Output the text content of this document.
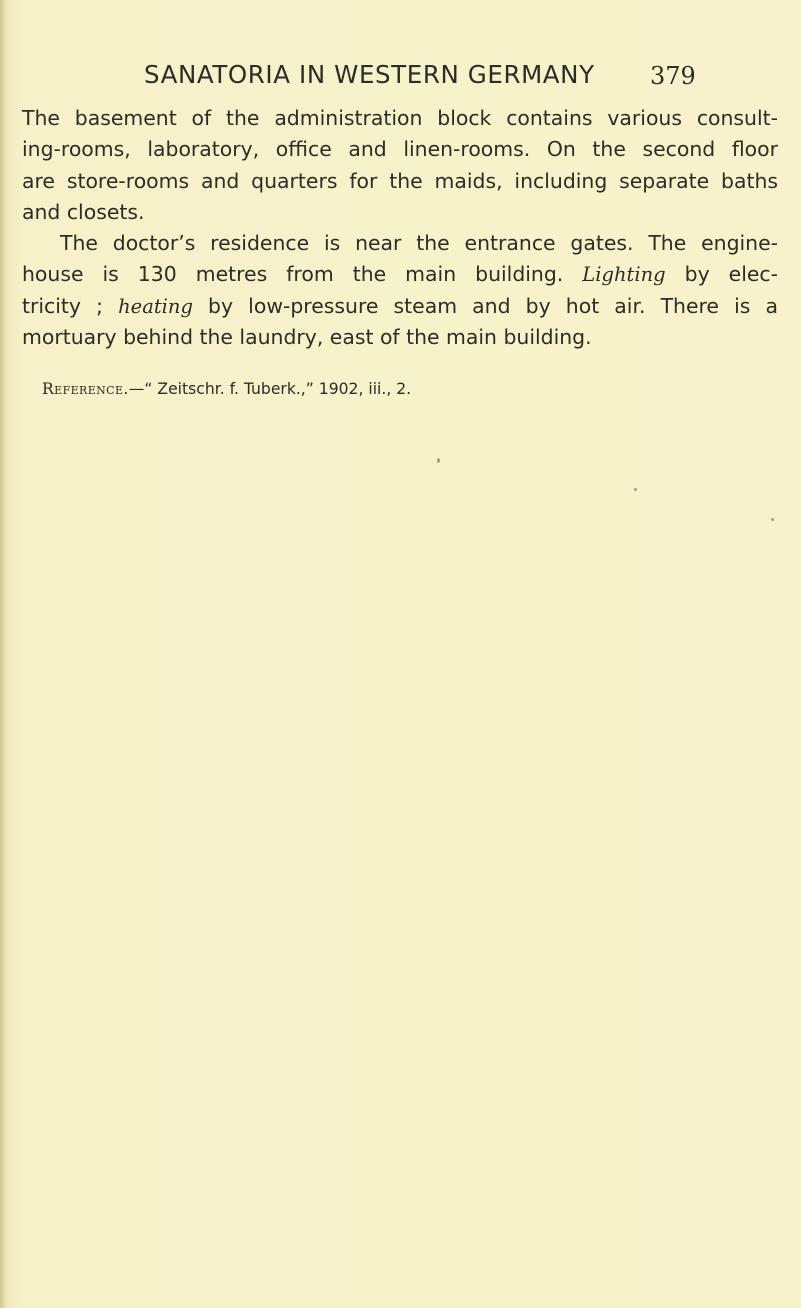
SANATORIA IN WESTERN GERMANY 379
The basement of the administration block contains various consult-
ing-rooms, laboratory, office and linen-rooms. On the second floor
are store-rooms and quarters for the maids, including separate baths
and closets.
The doctor’s residence is near the entrance gates. The engine-
house is 130 metres from the main building. Lighting by elec-
tricity ; heating by low-pressure steam and by hot air. There is a
mortuary behind the laundry, east of the main building.
Reference.—“ Zeitschr. f. Tuberk.,” 1902, iii., 2.
